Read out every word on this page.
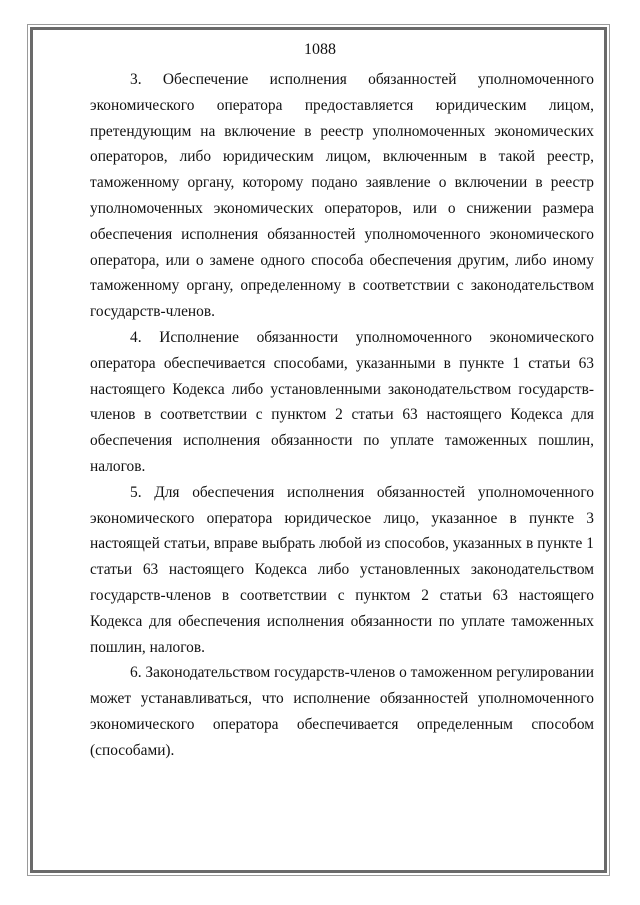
1088

3. Обеспечение исполнения обязанностей уполномоченного экономического оператора предоставляется юридическим лицом, претендующим на включение в реестр уполномоченных экономических операторов, либо юридическим лицом, включенным в такой реестр, таможенному органу, которому подано заявление о включении в реестр уполномоченных экономических операторов, или о снижении размера обеспечения исполнения обязанностей уполномоченного экономического оператора, или о замене одного способа обеспечения другим, либо иному таможенному органу, определенному в соответствии с законодательством государств-членов.

4. Исполнение обязанности уполномоченного экономического оператора обеспечивается способами, указанными в пункте 1 статьи 63 настоящего Кодекса либо установленными законодательством государств-членов в соответствии с пунктом 2 статьи 63 настоящего Кодекса для обеспечения исполнения обязанности по уплате таможенных пошлин, налогов.

5. Для обеспечения исполнения обязанностей уполномоченного экономического оператора юридическое лицо, указанное в пункте 3 настоящей статьи, вправе выбрать любой из способов, указанных в пункте 1 статьи 63 настоящего Кодекса либо установленных законодательством государств-членов в соответствии с пунктом 2 статьи 63 настоящего Кодекса для обеспечения исполнения обязанности по уплате таможенных пошлин, налогов.

6. Законодательством государств-членов о таможенном регулировании может устанавливаться, что исполнение обязанностей уполномоченного экономического оператора обеспечивается определенным способом (способами).
